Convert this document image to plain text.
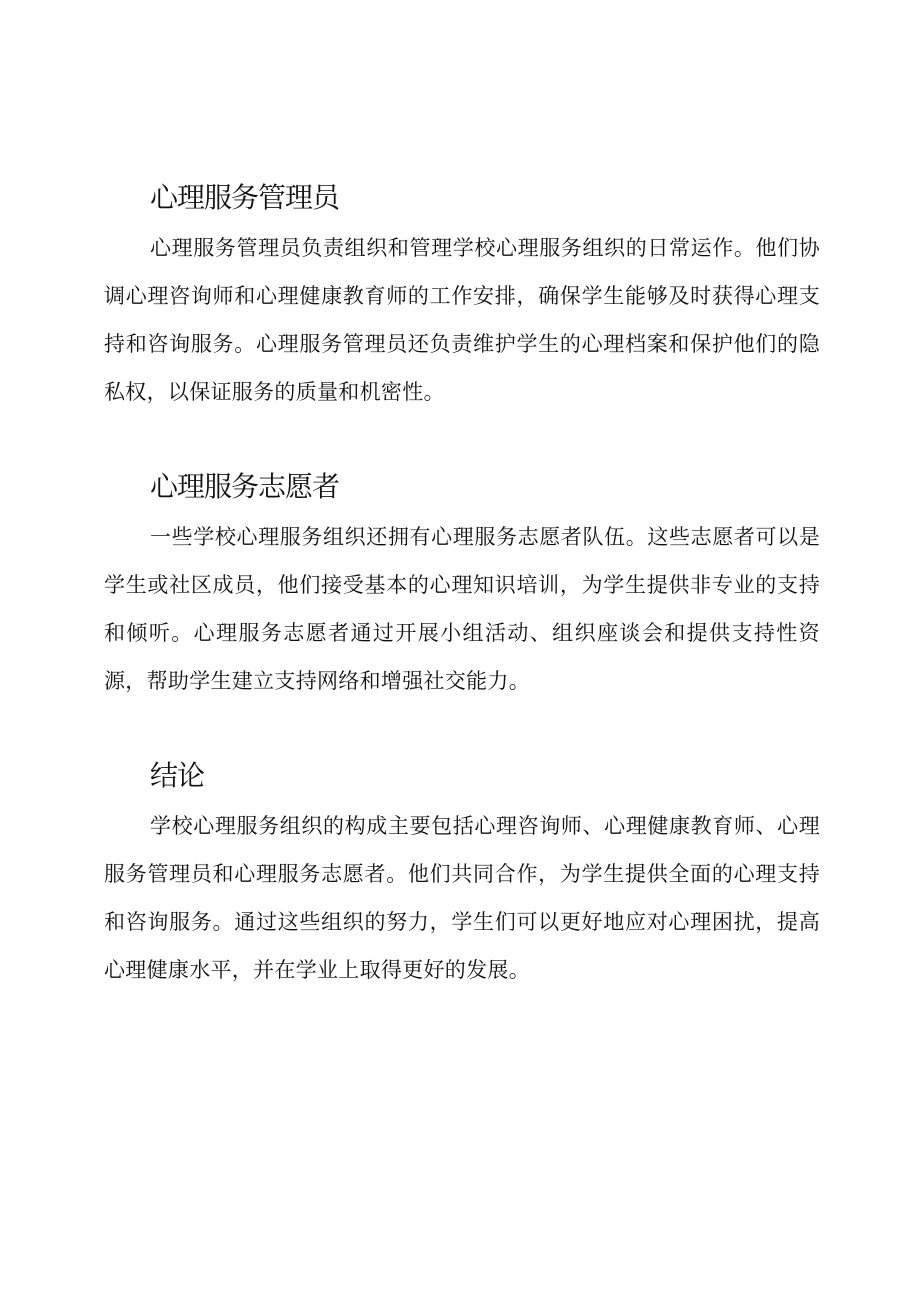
心理服务管理员

心理服务管理员负责组织和管理学校心理服务组织的日常运作。他们协调心理咨询师和心理健康教育师的工作安排，确保学生能够及时获得心理支持和咨询服务。心理服务管理员还负责维护学生的心理档案和保护他们的隐私权，以保证服务的质量和机密性。

心理服务志愿者

一些学校心理服务组织还拥有心理服务志愿者队伍。这些志愿者可以是学生或社区成员，他们接受基本的心理知识培训，为学生提供非专业的支持和倾听。心理服务志愿者通过开展小组活动、组织座谈会和提供支持性资源，帮助学生建立支持网络和增强社交能力。

结论

学校心理服务组织的构成主要包括心理咨询师、心理健康教育师、心理服务管理员和心理服务志愿者。他们共同合作，为学生提供全面的心理支持和咨询服务。通过这些组织的努力，学生们可以更好地应对心理困扰，提高心理健康水平，并在学业上取得更好的发展。
